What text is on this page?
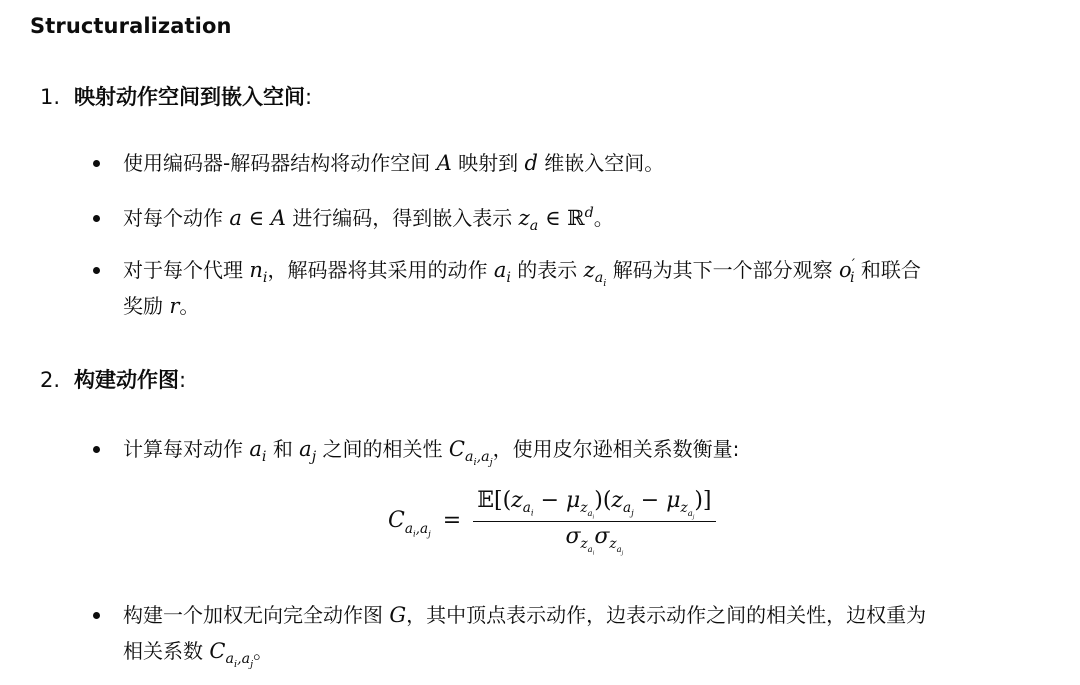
Structuralization
1. 映射动作空间到嵌入空间:
使用编码器-解码器结构将动作空间 A 映射到 d 维嵌入空间。
对每个动作 a ∈ A 进行编码，得到嵌入表示 $z_a$ ∈ ℝ$^d$。
对于每个代理 $n_i$，解码器将其采用的动作 $a_i$ 的表示 $z_{a_i}$ 解码为其下一个部分观察 $o'_i$ 和联合
奖励 r。
2. 构建动作图:
计算每对动作 $a_i$ 和 $a_j$ 之间的相关性 $C_{a_i,a_j}$，使用皮尔逊相关系数衡量:
$C_{a_i,a_j}$
= $\frac{𝔼[(z_{a_i} - \mu_{z_{a_i}})(z_{a_j} - \mu_{z_{a_j}})]}{\sigma_{z_{a_i}}\sigma_{z_{a_j}}}$
构建一个加权无向完全动作图 G，其中顶点表示动作，边表示动作之间的相关性，边权重为
相关系数 $C_{a_i,a_j}$。
